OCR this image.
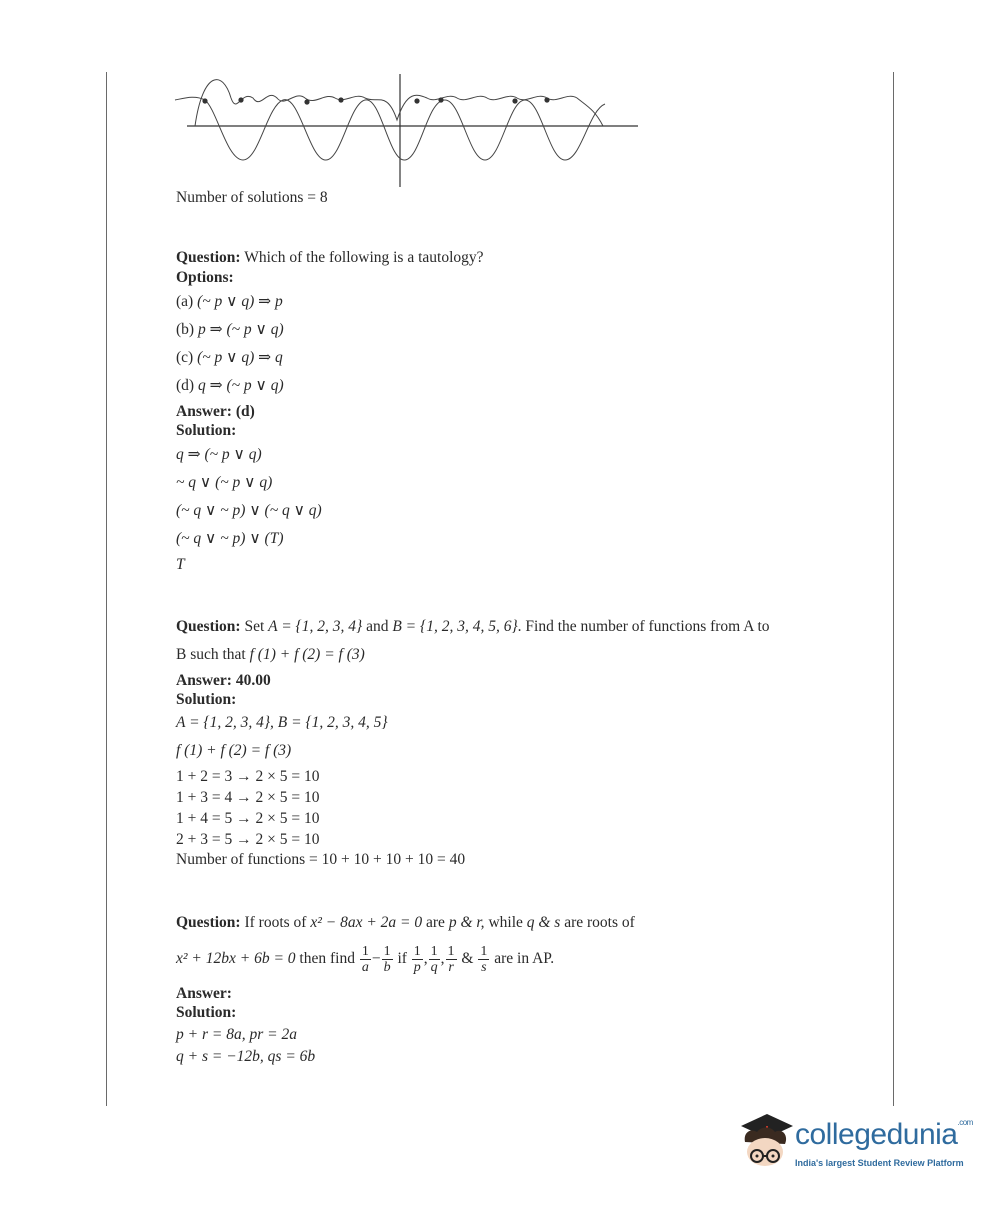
Number of solutions = 8
Question: Which of the following is a tautology?
Options:
(a) (~ p ∨ q) ⇒ p
(b) p ⇒ (~ p ∨ q)
(c) (~ p ∨ q) ⇒ q
(d) q ⇒ (~ p ∨ q)
Answer: (d)
Solution:
q ⇒ (~ p ∨ q)
~ q ∨ (~ p ∨ q)
(~ q ∨ ~ p) ∨ (~ q ∨ q)
(~ q ∨ ~ p) ∨ (T)
T
Question: Set A = {1, 2, 3, 4} and B = {1, 2, 3, 4, 5, 6}. Find the number of functions from A to
B such that f (1) + f (2) = f (3)
Answer: 40.00
Solution:
A = {1, 2, 3, 4}, B = {1, 2, 3, 4, 5}
f (1) + f (2) = f (3)
1 + 2 = 3 → 2 × 5 = 10
1 + 3 = 4 → 2 × 5 = 10
1 + 4 = 5 → 2 × 5 = 10
2 + 3 = 5 → 2 × 5 = 10
Number of functions = 10 + 10 + 10 + 10 = 40
Question: If roots of x² − 8ax + 2a = 0 are p & r, while q & s are roots of
x² + 12bx + 6b = 0 then find $\frac{1}{a} - \frac{1}{b}$ if $\frac{1}{p}$ , $\frac{1}{q}$ , $\frac{1}{r}$ & $\frac{1}{s}$ are in AP.
Answer:
Solution:
p + r = 8a, pr = 2a
q + s = −12b, qs = 6b
collegedunia$^{.com}$
India's largest Student Review Platform
